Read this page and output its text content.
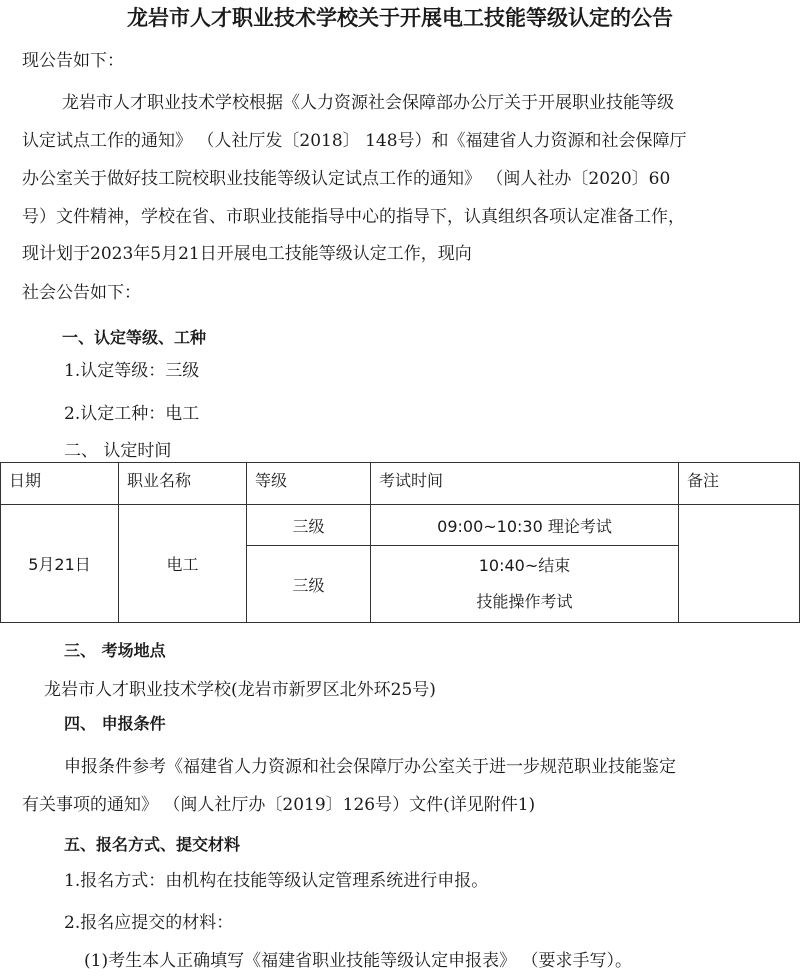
龙岩市人才职业技术学校关于开展电工技能等级认定的公告
现公告如下：
龙岩市人才职业技术学校根据《人力资源社会保障部办公厅关于开展职业技能等级
认定试点工作的通知》 （人社厅发〔2018〕 148号）和《福建省人力资源和社会保障厅
办公室关于做好技工院校职业技能等级认定试点工作的通知》 （闽人社办〔2020〕60
号）文件精神，学校在省、市职业技能指导中心的指导下，认真组织各项认定准备工作，
现计划于2023年5月21日开展电工技能等级认定工作，现向
社会公告如下：
一、认定等级、工种
1.认定等级：三级
2.认定工种：电工
二、 认定时间
日期	职业名称	等级	考试时间	备注
5月21日	电工	三级	09:00~10:30 理论考试	
		三级	10:40~结束
技能操作考试	
三、 考场地点
龙岩市人才职业技术学校(龙岩市新罗区北外环25号)
四、 申报条件
申报条件参考《福建省人力资源和社会保障厅办公室关于进一步规范职业技能鉴定
有关事项的通知》 （闽人社厅办〔2019〕126号）文件(详见附件1)
五、报名方式、提交材料
1.报名方式：由机构在技能等级认定管理系统进行申报。
2.报名应提交的材料：
(1)考生本人正确填写《福建省职业技能等级认定申报表》 （要求手写）。
